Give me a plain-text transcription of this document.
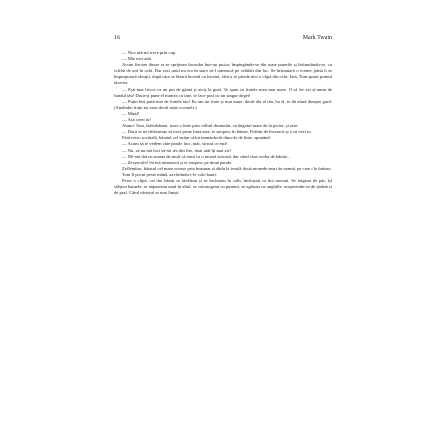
16	Mark Twain

— Nici mă-mi trece prin cap.

— Mie nici atât.

Acum fiecare dintre ei se sprijinea încordat într-un picior, împingându-se din toate puterile și înfruntându-se, cu scîrbă de ură în ochi. Dar nici unul nu era în stare să-l urnească pe celălalt din loc. Se înfruntară o vreme, până li se împurpurară obrajii, după care se lăsară încetul cu încetul, fără a se pierde nici o clipă din ochi. Iată, Tom spuse primul tăcerea.

— Ești mai fricos ca un pui de găină și aiciș la gură. Te spun cu fratele meu mai mare. O să fie vai și-amar de fundul tău! Dacă-și pune el mintea cu tine, te face praf cu un singur deget!

— Puțin îmi pasă mie de fratele tău! Eu am un frate și mai mare, decât ăla al tău, ba el, te dă afară dinspre gard. (Amândoi frații nu erau decât niște scorneli.)

— Minți!

— Așa crezi tu!

Atunci Tom, înfierbântat, trase o linie prin colbul drumului, cu degetul mare de la picior, și zise:

— Dacă ai ne'chibzuința să treci peste linia asta, te snopesc în bătaie. Poftim de încearcă și o să vezi tu.

Fără nicio șovăială, băiatul cel străin călcă numaidecât dincolo de linie, spunând:

— Acum să te vedem câte parale faci, măi, stricat ce ești!

— Nu, să nu mă faci să-mi ies din fire, doar atât îți mai zic!

— Mi-am dat eu seama de mult că tomi ca o moară stricată, dar când vine vorba de bătaie...

— Zevzecule! Să mă uimească și te snopesc pe două parale.

Zeflemitor, băiatul cel mare scoase prin buzunar și dădu la iveală două monede mari de aramă, pe care i le întinse.

Tom îl pocni peste mână, azvârlindu-i-le colo banii.

Peste o clipă, cei doi băieți se tăvăleau și se încleștau în colb, încleștați ca doi motani. Se trăgeau de păr, își sfâșiau hainele, se năpusteau unul în altul, se cotonogeau cu pumnii, se zgâriau cu unghiile, acoperindu-se de țărână și de praf. Când vârtejul se mai liniști
